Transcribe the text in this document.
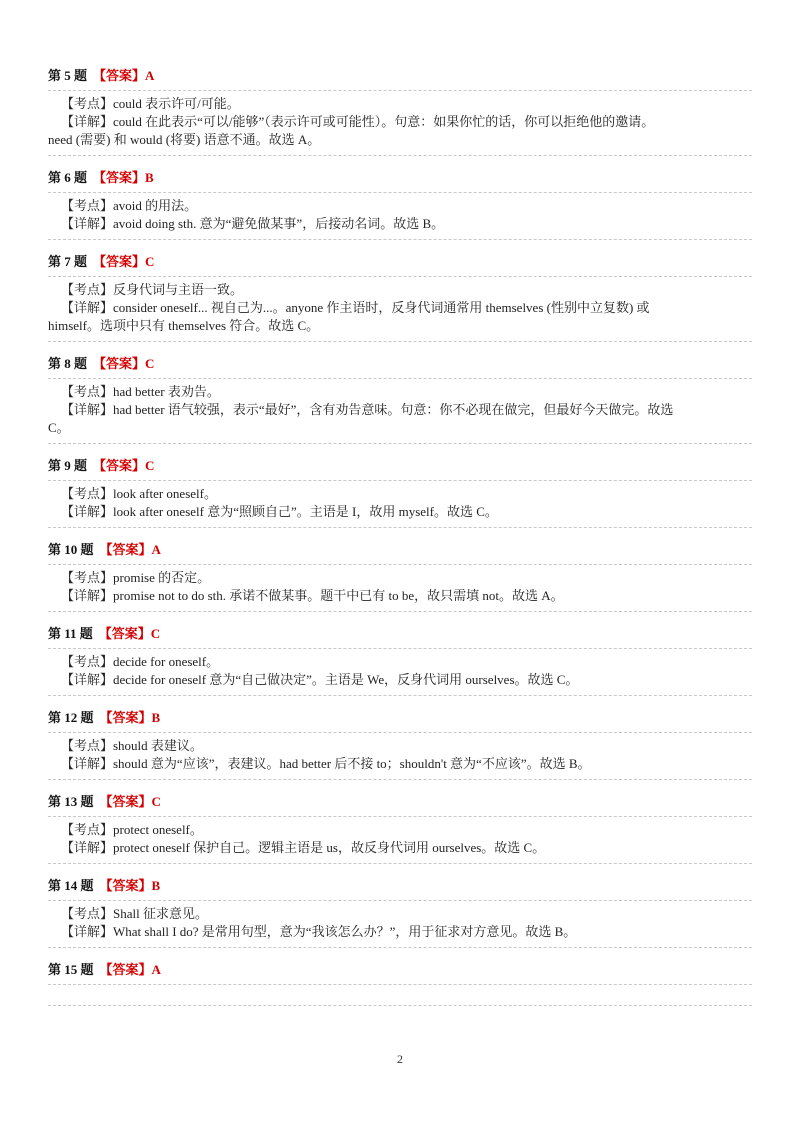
第 5 题 【答案】A
【考点】could 表示许可/可能。
【详解】could 在此表示“可以/能够”（表示许可或可能性）。句意：如果你忙的话，你可以拒绝他的邀请。
need (需要) 和 would (将要) 语意不通。故选 A。
第 6 题 【答案】B
【考点】avoid 的用法。
【详解】avoid doing sth. 意为“避免做某事”，后接动名词。故选 B。
第 7 题 【答案】C
【考点】反身代词与主语一致。
【详解】consider oneself... 视自己为...。anyone 作主语时，反身代词通常用 themselves (性别中立复数) 或
himself。选项中只有 themselves 符合。故选 C。
第 8 题 【答案】C
【考点】had better 表劝告。
【详解】had better 语气较强，表示“最好”，含有劝告意味。句意：你不必现在做完，但最好今天做完。故选
C。
第 9 题 【答案】C
【考点】look after oneself。
【详解】look after oneself 意为“照顾自己”。主语是 I，故用 myself。故选 C。
第 10 题 【答案】A
【考点】promise 的否定。
【详解】promise not to do sth. 承诺不做某事。题干中已有 to be，故只需填 not。故选 A。
第 11 题 【答案】C
【考点】decide for oneself。
【详解】decide for oneself 意为“自己做决定”。主语是 We，反身代词用 ourselves。故选 C。
第 12 题 【答案】B
【考点】should 表建议。
【详解】should 意为“应该”，表建议。had better 后不接 to；shouldn't 意为“不应该”。故选 B。
第 13 题 【答案】C
【考点】protect oneself。
【详解】protect oneself 保护自己。逻辑主语是 us，故反身代词用 ourselves。故选 C。
第 14 题 【答案】B
【考点】Shall 征求意见。
【详解】What shall I do? 是常用句型，意为“我该怎么办？”，用于征求对方意见。故选 B。
第 15 题 【答案】A
2
